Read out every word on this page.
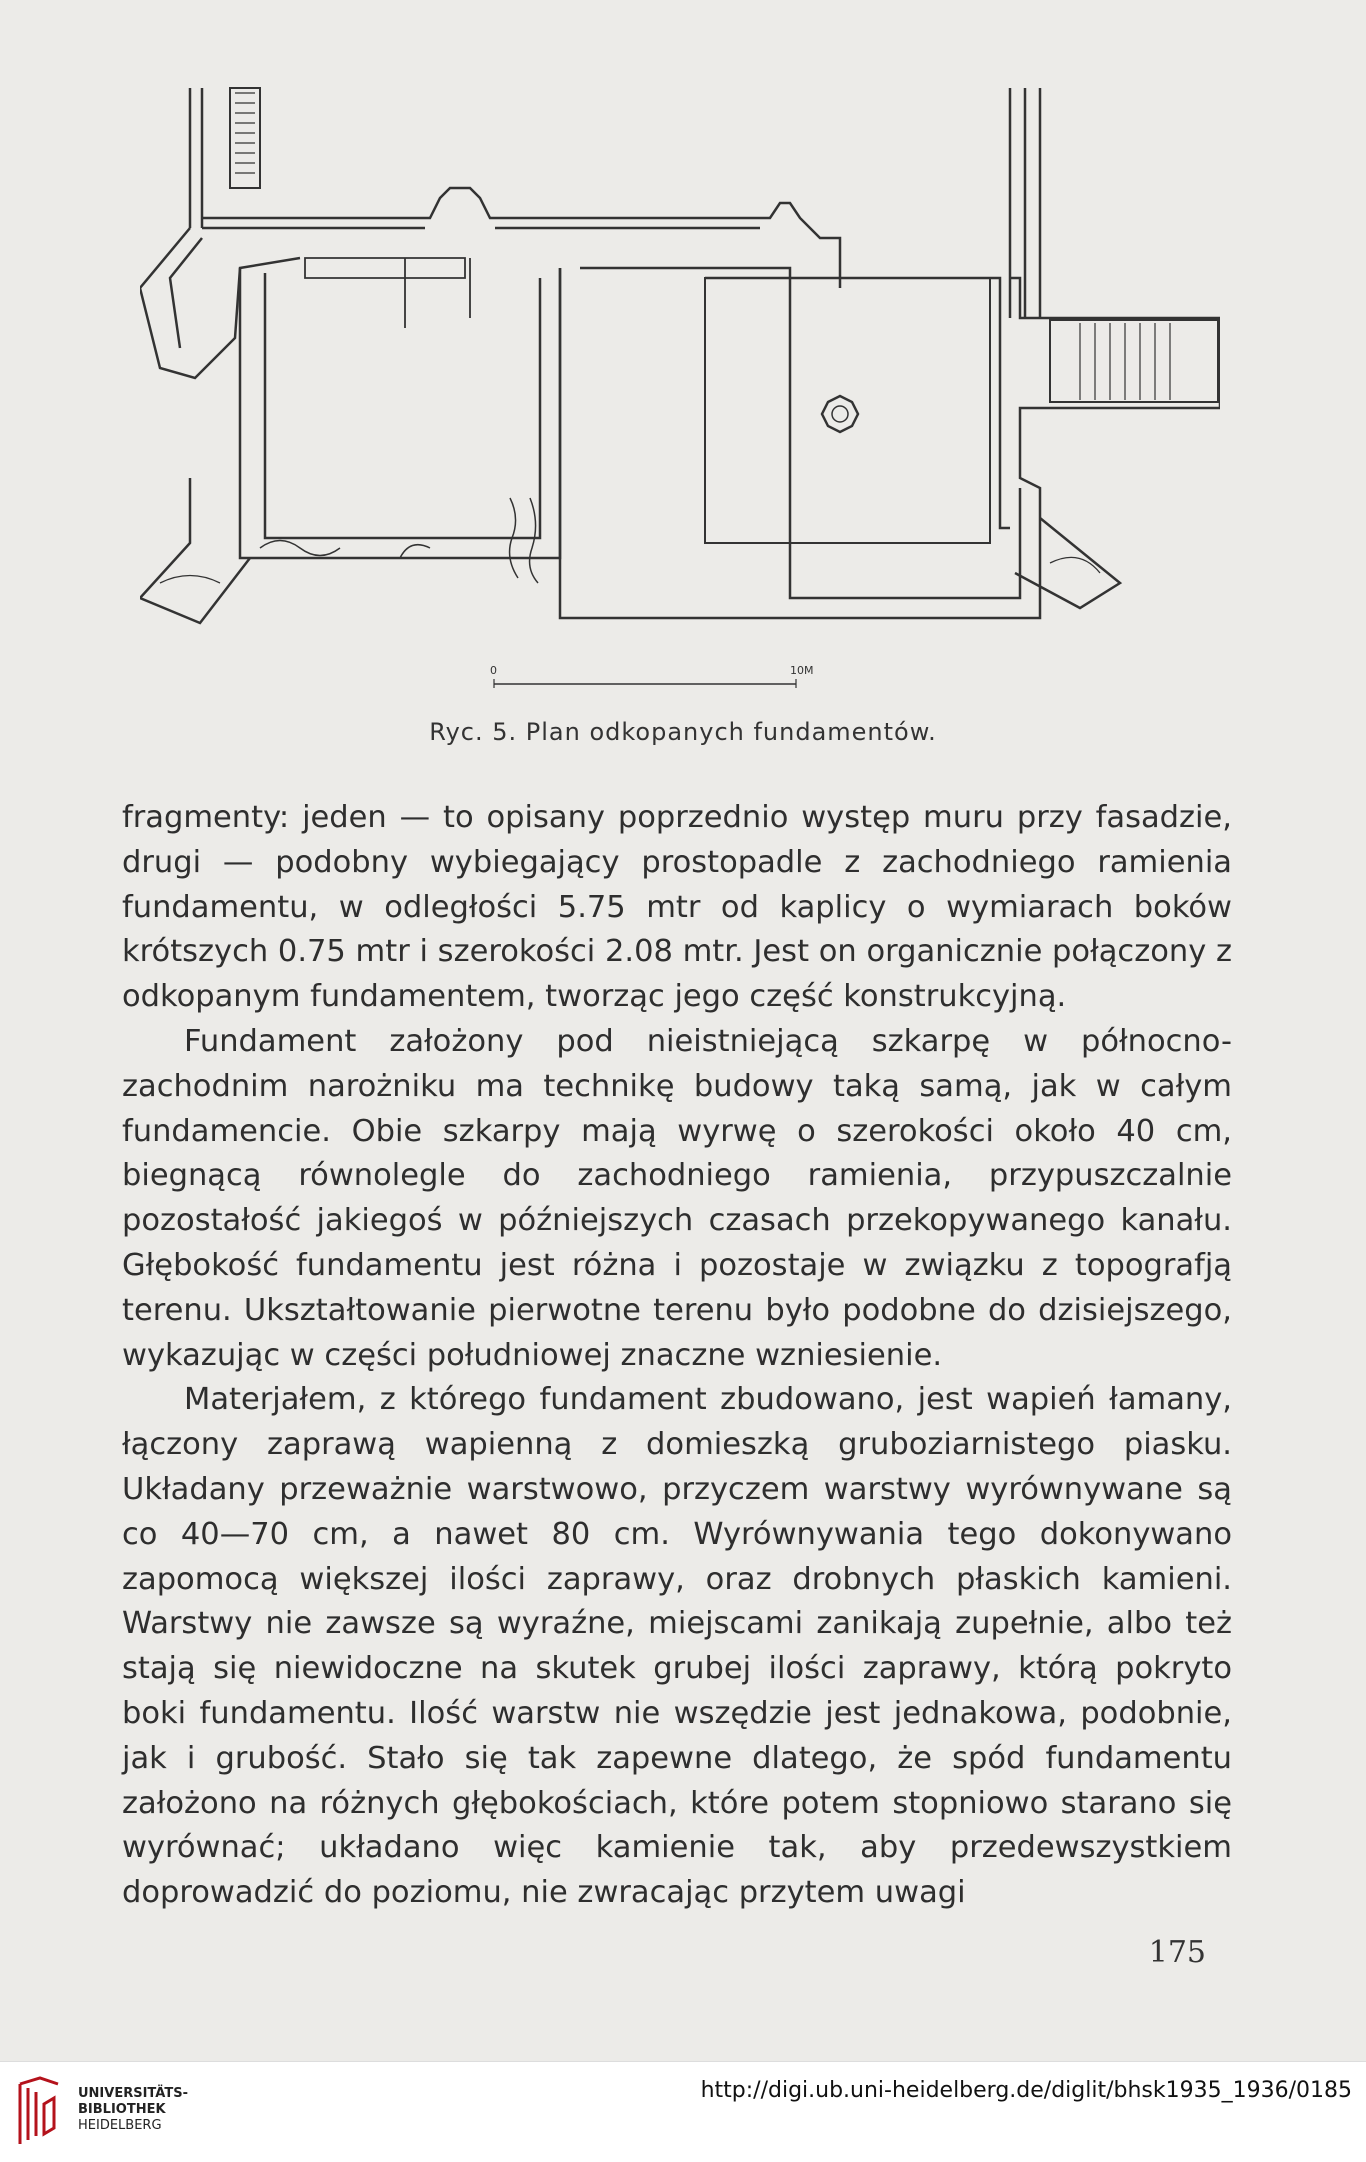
0	10M
Ryc. 5. Plan odkopanych fundamentów.

fragmenty: jeden — to opisany poprzednio występ muru przy fasadzie, drugi — podobny wybiegający prostopadle z zachodniego ramienia fundamentu, w odległości 5.75 mtr od kaplicy o wymiarach boków krótszych 0.75 mtr i szerokości 2.08 mtr. Jest on organicznie połączony z odkopanym fundamentem, tworząc jego część konstrukcyjną.

Fundament założony pod nieistniejącą szkarpę w północno-zachodnim narożniku ma technikę budowy taką samą, jak w całym fundamencie. Obie szkarpy mają wyrwę o szerokości około 40 cm, biegnącą równolegle do zachodniego ramienia, przypuszczalnie pozostałość jakiegoś w późniejszych czasach przekopywanego kanału. Głębokość fundamentu jest różna i pozostaje w związku z topografją terenu. Ukształtowanie pierwotne terenu było podobne do dzisiejszego, wykazując w części południowej znaczne wzniesienie.

Materjałem, z którego fundament zbudowano, jest wapień łamany, łączony zaprawą wapienną z domieszką gruboziarnistego piasku. Układany przeważnie warstwowo, przyczem warstwy wyrównywane są co 40—70 cm, a nawet 80 cm. Wyrównywania tego dokonywano zapomocą większej ilości zaprawy, oraz drobnych płaskich kamieni. Warstwy nie zawsze są wyraźne, miejscami zanikają zupełnie, albo też stają się niewidoczne na skutek grubej ilości zaprawy, którą pokryto boki fundamentu. Ilość warstw nie wszędzie jest jednakowa, podobnie, jak i grubość. Stało się tak zapewne dlatego, że spód fundamentu założono na różnych głębokościach, które potem stopniowo starano się wyrównać; układano więc kamienie tak, aby przedewszystkiem doprowadzić do poziomu, nie zwracając przytem uwagi

175
UNIVERSITÄTS-
BIBLIOTHEK
HEIDELBERG
http://digi.ub.uni-heidelberg.de/diglit/bhsk1935_1936/0185
